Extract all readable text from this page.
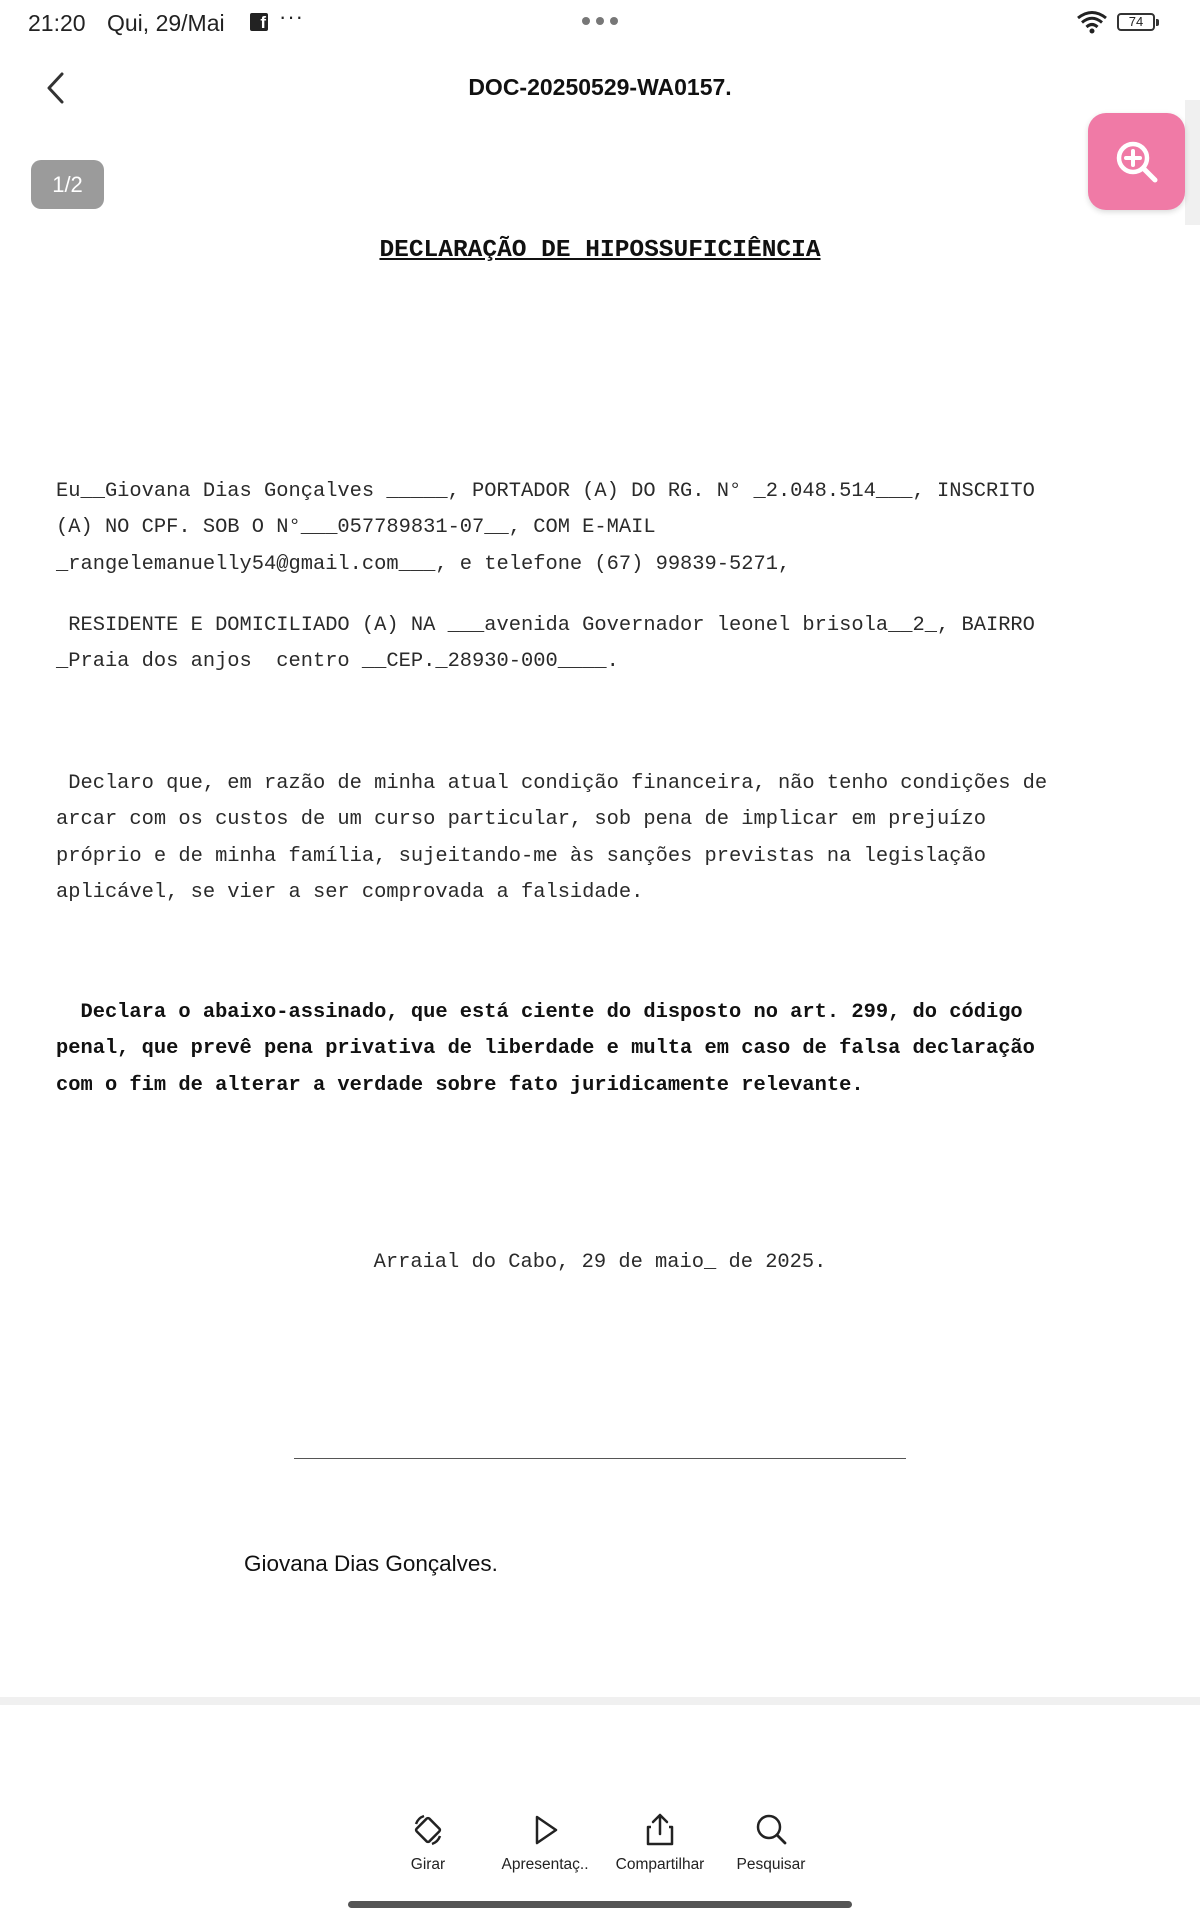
21:20 Qui, 29/Mai	f ···	74
DOC-20250529-WA0157.
1/2
DECLARAÇÃO DE HIPOSSUFICIÊNCIA
Eu__Giovana Dias Gonçalves _____, PORTADOR (A) DO RG. N° _2.048.514___, INSCRITO
(A) NO CPF. SOB O N°___057789831-07__, COM E-MAIL
_rangelemanuelly54@gmail.com___, e telefone (67) 99839-5271,
RESIDENTE E DOMICILIADO (A) NA ___avenida Governador leonel brisola__2_, BAIRRO
_Praia dos anjos  centro __CEP._28930-000____.
Declaro que, em razão de minha atual condição financeira, não tenho condições de
arcar com os custos de um curso particular, sob pena de implicar em prejuízo
próprio e de minha família, sujeitando-me às sanções previstas na legislação
aplicável, se vier a ser comprovada a falsidade.
Declara o abaixo-assinado, que está ciente do disposto no art. 299, do código
penal, que prevê pena privativa de liberdade e multa em caso de falsa declaração
com o fim de alterar a verdade sobre fato juridicamente relevante.
Arraial do Cabo, 29 de maio_ de 2025.
Giovana Dias Gonçalves.
Girar	Apresentaç..	Compartilhar	Pesquisar
